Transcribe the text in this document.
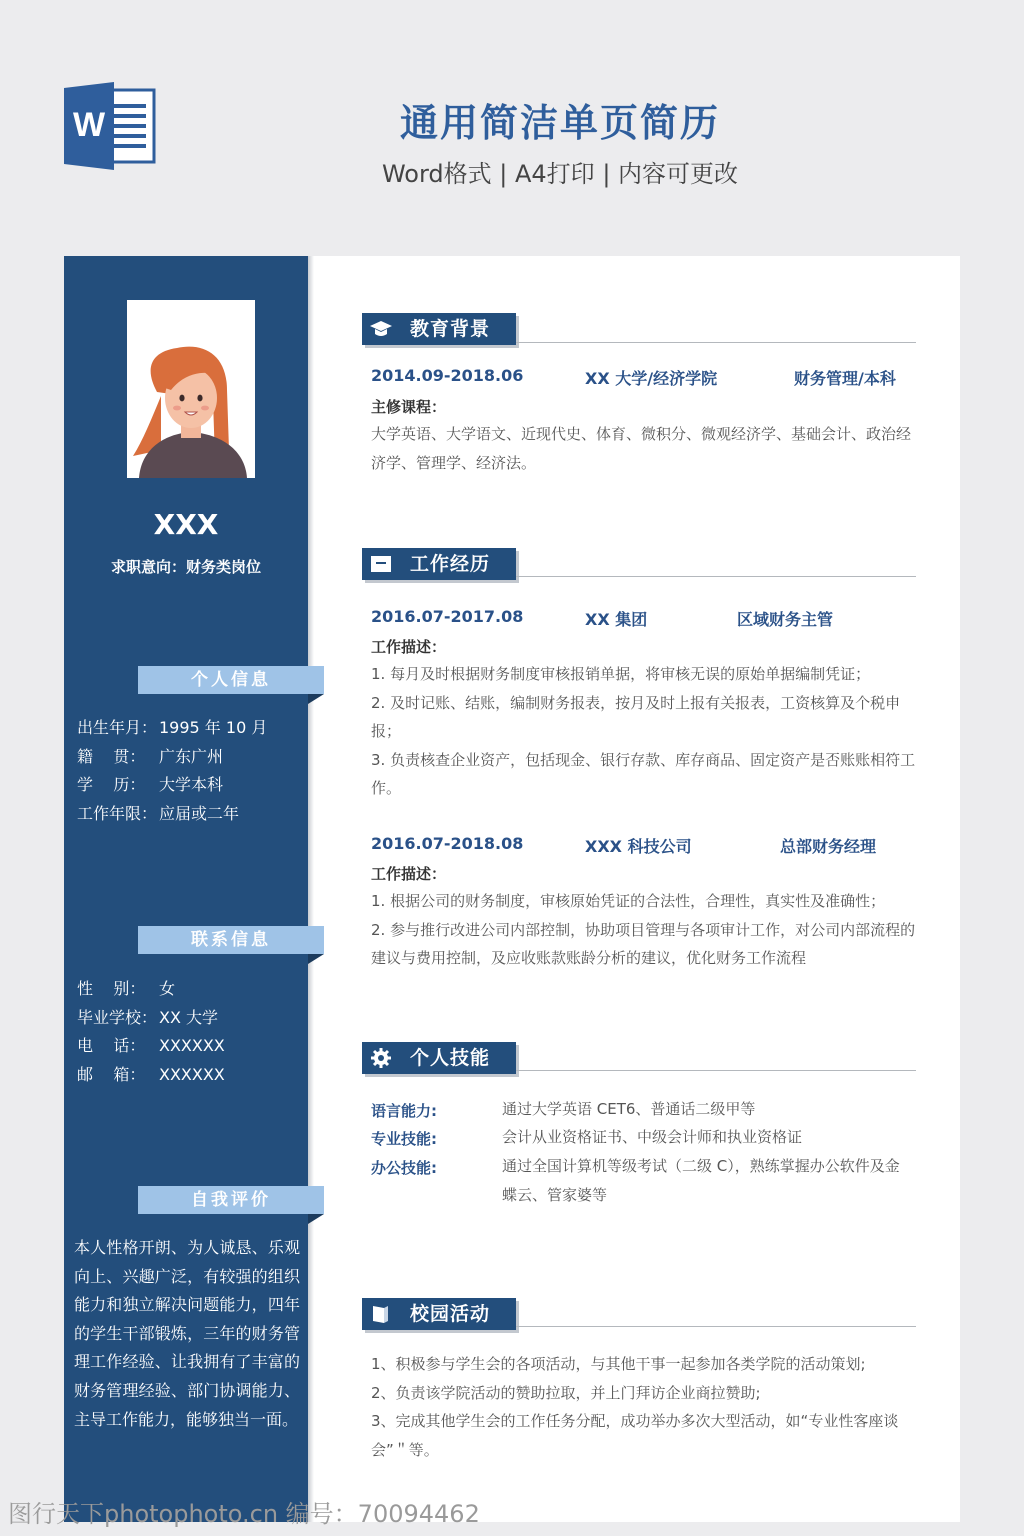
W	通用简洁单页简历
Word格式 | A4打印 | 内容可更改
XXX
求职意向：财务类岗位
出生年月： 1995 年 10 月
籍    贯： 广东广州
学    历： 大学本科
工作年限： 应届或二年
性    别： 女
毕业学校： XX 大学
电    话： XXXXXX
邮    箱： XXXXXX
本人性格开朗、为人诚恳、乐观向上、兴趣广泛，有较强的组织能力和独立解决问题能力，四年的学生干部锻炼，三年的财务管理工作经验、让我拥有了丰富的财务管理经验、部门协调能力、主导工作能力，能够独当一面。
个人信息
联系信息
自我评价
教育背景
2014.09-2018.06	XX 大学/经济学院	财务管理/本科
主修课程：
大学英语、大学语文、近现代史、体育、微积分、微观经济学、基础会计、政治经济学、管理学、经济法。
工作经历
2016.07-2017.08	XX 集团	区域财务主管
工作描述：
1. 每月及时根据财务制度审核报销单据，将审核无误的原始单据编制凭证；
2. 及时记账、结账，编制财务报表，按月及时上报有关报表，工资核算及个税申报；
3. 负责核查企业资产，包括现金、银行存款、库存商品、固定资产是否账账相符工作。
2016.07-2018.08	XXX 科技公司	总部财务经理
工作描述：
1. 根据公司的财务制度，审核原始凭证的合法性，合理性，真实性及准确性；
2. 参与推行改进公司内部控制，协助项目管理与各项审计工作，对公司内部流程的建议与费用控制，及应收账款账龄分析的建议，优化财务工作流程
个人技能
语言能力:	通过大学英语 CET6、普通话二级甲等
专业技能:	会计从业资格证书、中级会计师和执业资格证
办公技能:	通过全国计算机等级考试（二级 C），熟练掌握办公软件及金蝶云、管家婆等
校园活动
1、积极参与学生会的各项活动，与其他干事一起参加各类学院的活动策划;
2、负责该学院活动的赞助拉取，并上门拜访企业商拉赞助;
3、完成其他学生会的工作任务分配，成功举办多次大型活动，如“专业性客座谈会”＂等。
图行天下photophoto.cn 编号：70094462
